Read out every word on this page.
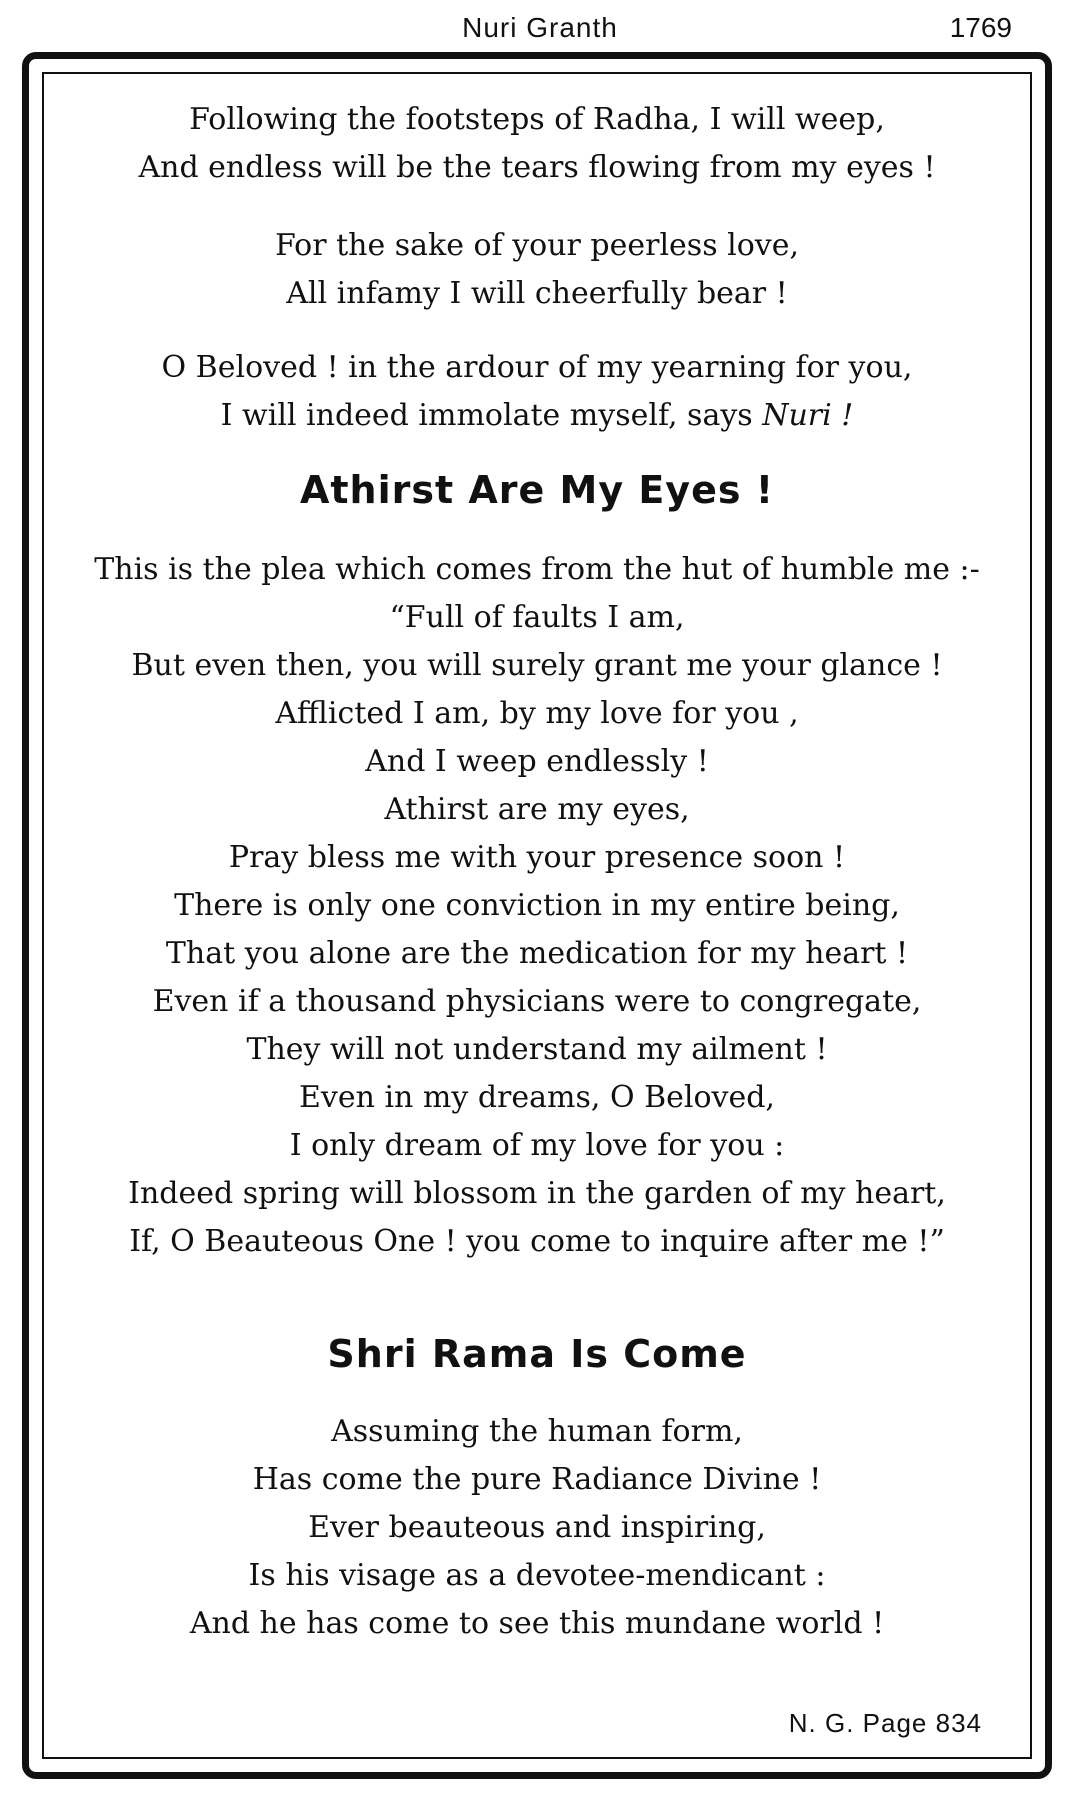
Nuri Granth	1769
Following the footsteps of Radha, I will weep,
And endless will be the tears flowing from my eyes !
For the sake of your peerless love,
All infamy I will cheerfully bear !
O Beloved ! in the ardour of my yearning for you,
I will indeed immolate myself, says Nuri !
Athirst Are My Eyes !
This is the plea which comes from the hut of humble me :-
“Full of faults I am,
But even then, you will surely grant me your glance !
Afflicted I am, by my love for you ,
And I weep endlessly !
Athirst are my eyes,
Pray bless me with your presence soon !
There is only one conviction in my entire being,
That you alone are the medication for my heart !
Even if a thousand physicians were to congregate,
They will not understand my ailment !
Even in my dreams, O Beloved,
I only dream of my love for you :
Indeed spring will blossom in the garden of my heart,
If, O Beauteous One ! you come to inquire after me !”
Shri Rama Is Come
Assuming the human form,
Has come the pure Radiance Divine !
Ever beauteous and inspiring,
Is his visage as a devotee-mendicant :
And he has come to see this mundane world !
N. G. Page 834
